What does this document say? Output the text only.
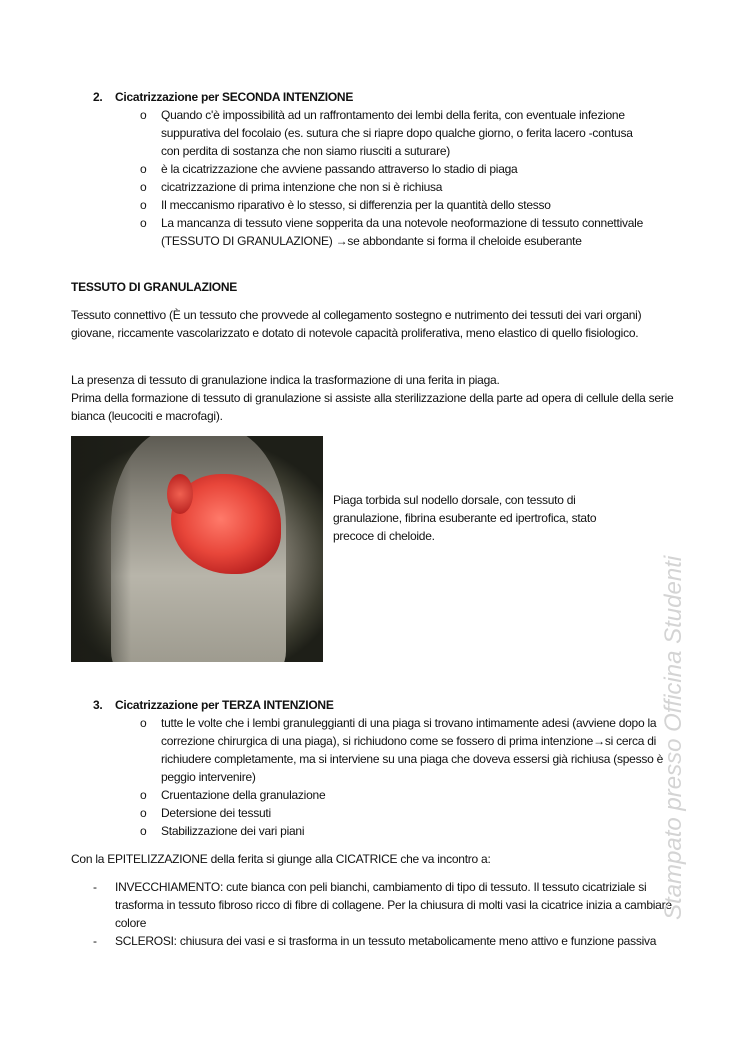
2. Cicatrizzazione per SECONDA INTENZIONE
o Quando c'è impossibilità ad un raffrontamento dei lembi della ferita, con eventuale infezione suppurativa del focolaio (es. sutura che si riapre dopo qualche giorno, o ferita lacero -contusa con perdita di sostanza che non siamo riusciti a suturare)
o è la cicatrizzazione che avviene passando attraverso lo stadio di piaga
o cicatrizzazione di prima intenzione che non si è richiusa
o Il meccanismo riparativo è lo stesso, si differenzia per la quantità dello stesso
o La mancanza di tessuto viene sopperita da una notevole neoformazione di tessuto connettivale (TESSUTO DI GRANULAZIONE) →se abbondante si forma il cheloide esuberante
TESSUTO DI GRANULAZIONE
Tessuto connettivo (È un tessuto che provvede al collegamento sostegno e nutrimento dei tessuti dei vari organi) giovane, riccamente vascolarizzato e dotato di notevole capacità proliferativa, meno elastico di quello fisiologico.
La presenza di tessuto di granulazione indica la trasformazione di una ferita in piaga.
Prima della formazione di tessuto di granulazione si assiste alla sterilizzazione della parte ad opera di cellule della serie bianca (leucociti e macrofagi).
Piaga torbida sul nodello dorsale, con tessuto di granulazione, fibrina esuberante ed ipertrofica, stato precoce di cheloide.
3. Cicatrizzazione per TERZA INTENZIONE
o tutte le volte che i lembi granuleggianti di una piaga si trovano intimamente adesi (avviene dopo la correzione chirurgica di una piaga), si richiudono come se fossero di prima intenzione→si cerca di richiudere completamente, ma si interviene su una piaga che doveva essersi già richiusa (spesso è peggio intervenire)
o Cruentazione della granulazione
o Detersione dei tessuti
o Stabilizzazione dei vari piani
Con la EPITELIZZAZIONE della ferita si giunge alla CICATRICE che va incontro a:
- INVECCHIAMENTO: cute bianca con peli bianchi, cambiamento di tipo di tessuto. Il tessuto cicatriziale si trasforma in tessuto fibroso ricco di fibre di collagene. Per la chiusura di molti vasi la cicatrice inizia a cambiare colore
- SCLEROSI: chiusura dei vasi e si trasforma in un tessuto metabolicamente meno attivo e funzione passiva
Stampato presso Officina Studenti
